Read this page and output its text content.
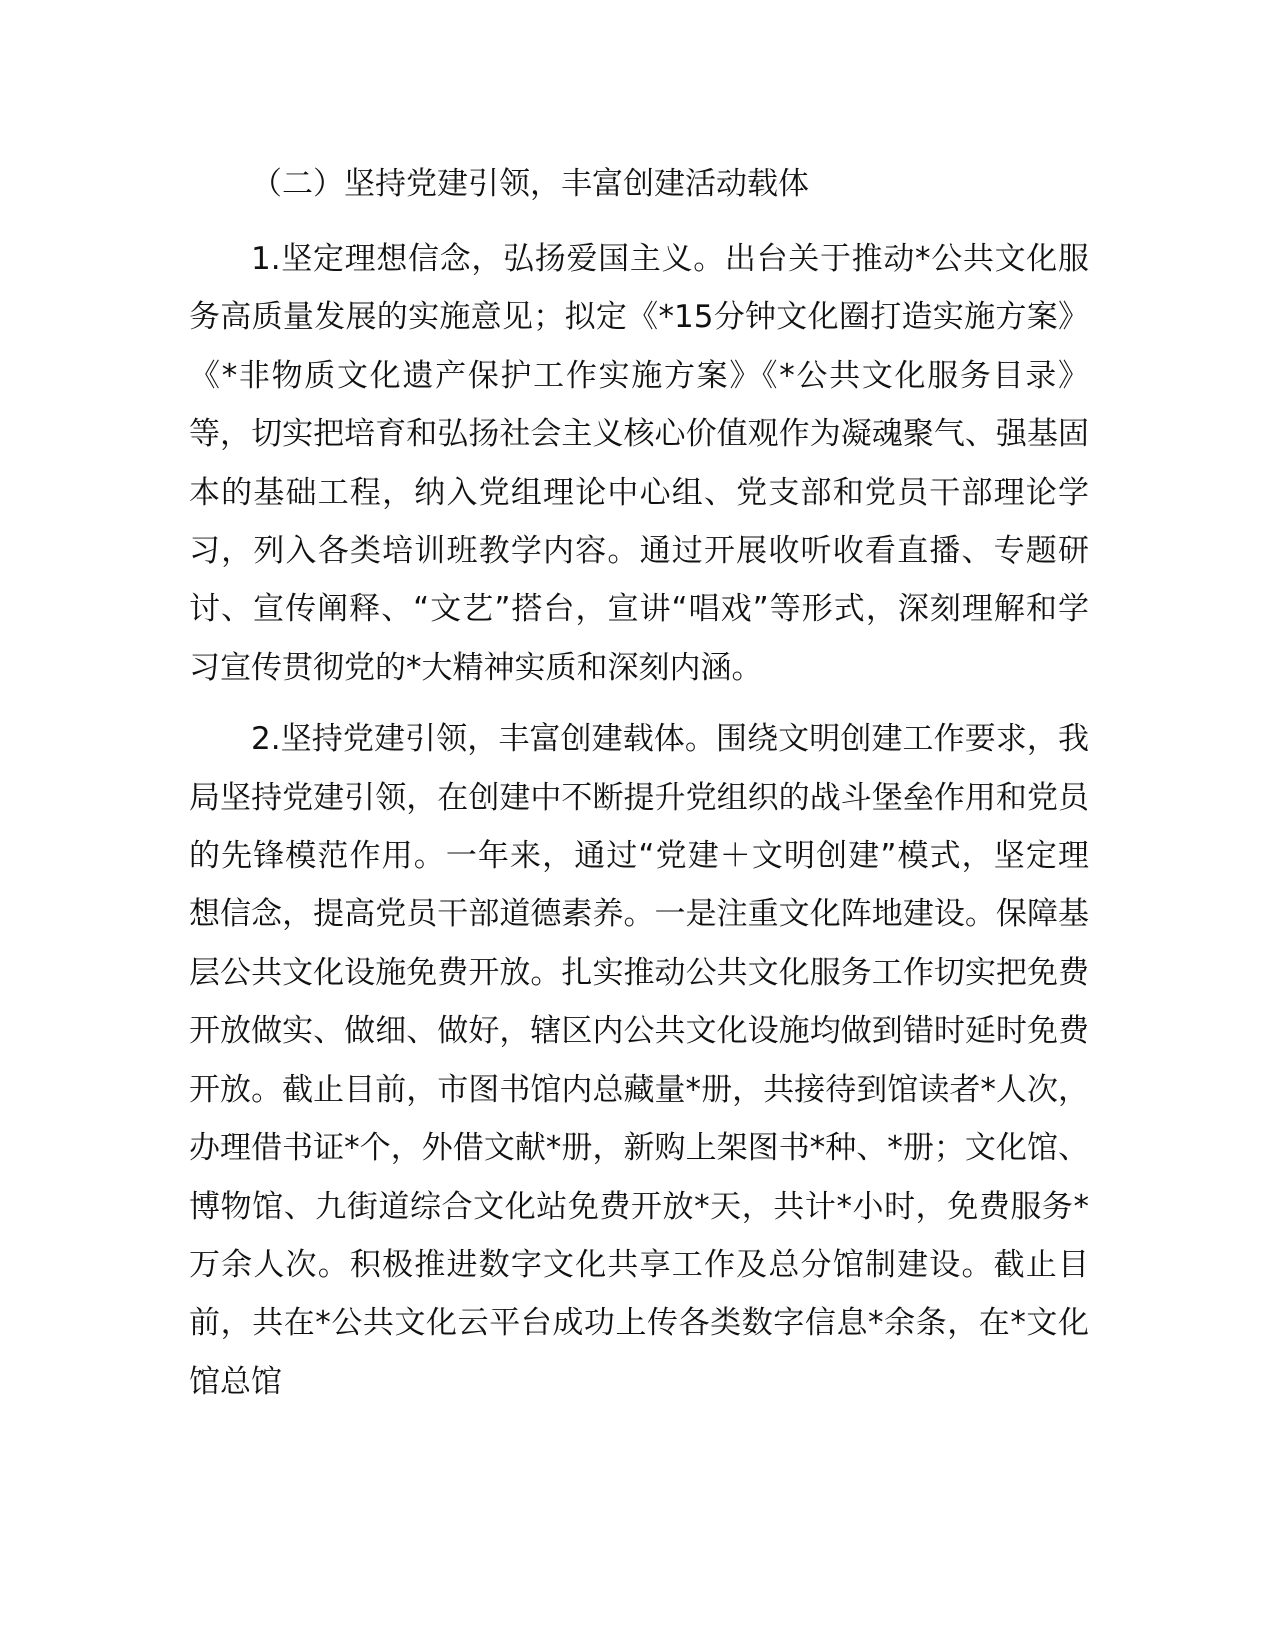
（二）坚持党建引领，丰富创建活动载体

1.坚定理想信念，弘扬爱国主义。出台关于推动*公共文化服务高质量发展的实施意见；拟定《*15分钟文化圈打造实施方案》《*非物质文化遗产保护工作实施方案》《*公共文化服务目录》等，切实把培育和弘扬社会主义核心价值观作为凝魂聚气、强基固本的基础工程，纳入党组理论中心组、党支部和党员干部理论学习，列入各类培训班教学内容。通过开展收听收看直播、专题研讨、宣传阐释、“文艺”搭台，宣讲“唱戏”等形式，深刻理解和学习宣传贯彻党的*大精神实质和深刻内涵。

2.坚持党建引领，丰富创建载体。围绕文明创建工作要求，我局坚持党建引领，在创建中不断提升党组织的战斗堡垒作用和党员的先锋模范作用。一年来，通过“党建＋文明创建”模式，坚定理想信念，提高党员干部道德素养。一是注重文化阵地建设。保障基层公共文化设施免费开放。扎实推动公共文化服务工作切实把免费开放做实、做细、做好，辖区内公共文化设施均做到错时延时免费开放。截止目前，市图书馆内总藏量*册，共接待到馆读者*人次，办理借书证*个，外借文献*册，新购上架图书*种、*册；文化馆、博物馆、九街道综合文化站免费开放*天，共计*小时，免费服务*万余人次。积极推进数字文化共享工作及总分馆制建设。截止目前，共在*公共文化云平台成功上传各类数字信息*余条，在*文化馆总馆
